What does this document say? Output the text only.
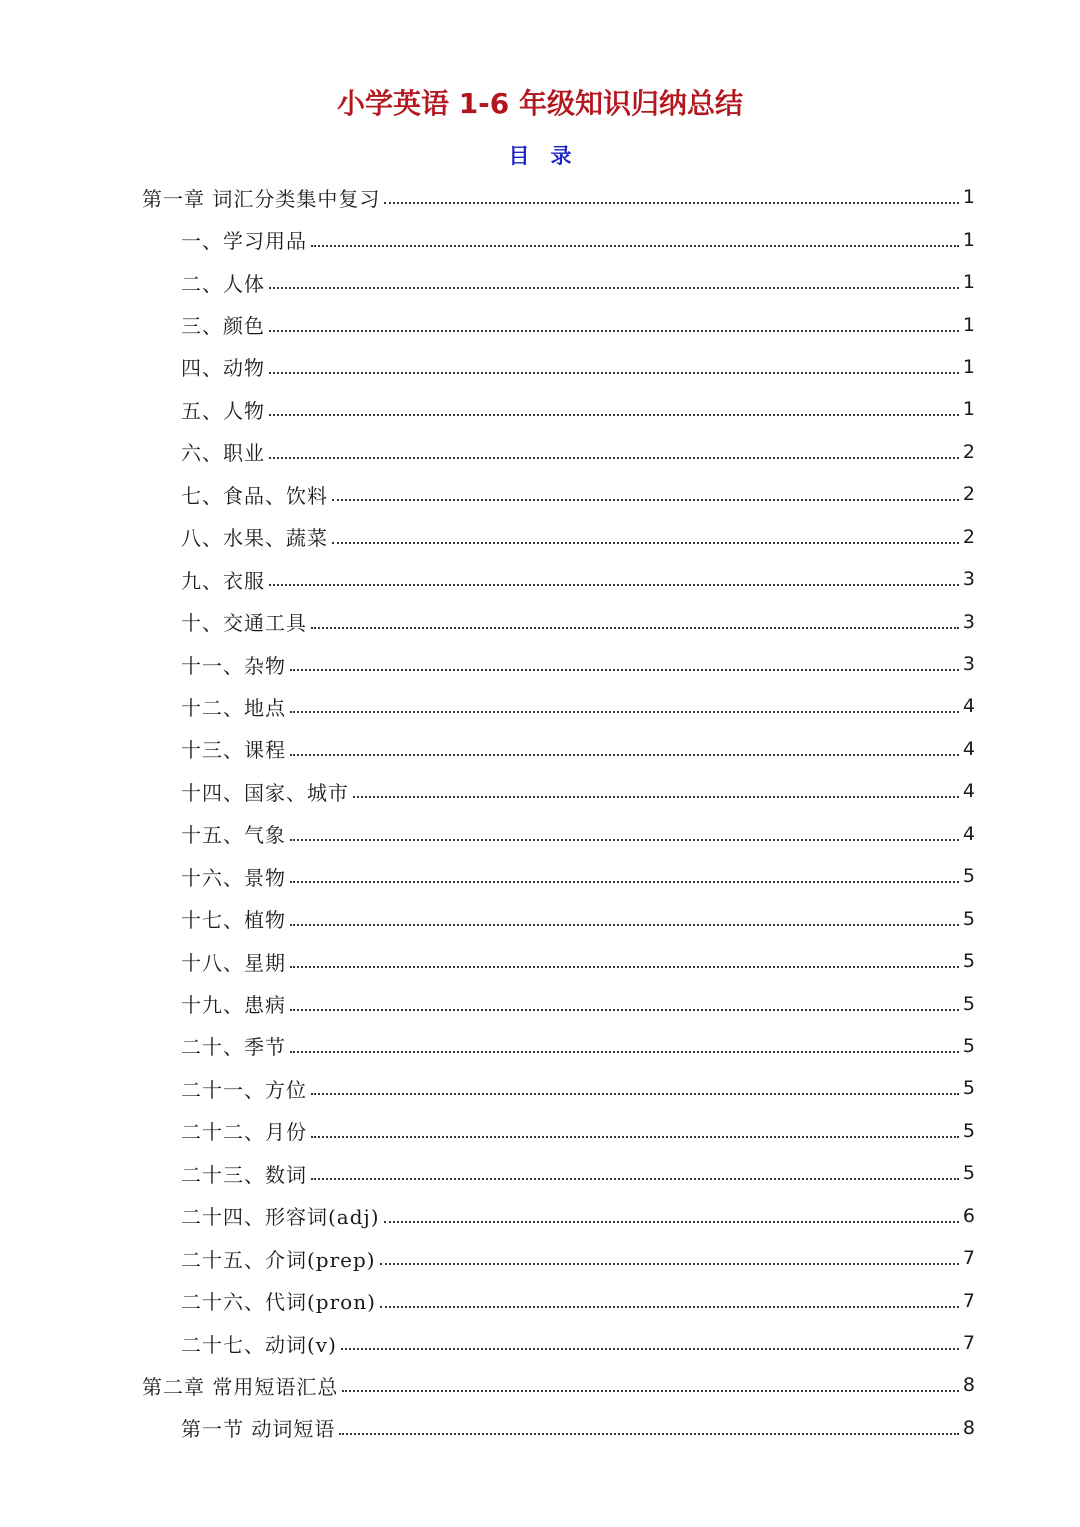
小学英语 1-6 年级知识归纳总结
目　录
第一章 词汇分类集中复习	1
一、学习用品	1
二、人体	1
三、颜色	1
四、动物	1
五、人物	1
六、职业	2
七、食品、饮料	2
八、水果、蔬菜	2
九、衣服	3
十、交通工具	3
十一、杂物	3
十二、地点	4
十三、课程	4
十四、国家、城市	4
十五、气象	4
十六、景物	5
十七、植物	5
十八、星期	5
十九、患病	5
二十、季节	5
二十一、方位	5
二十二、月份	5
二十三、数词	5
二十四、形容词(adj)	6
二十五、介词(prep)	7
二十六、代词(pron)	7
二十七、动词(v)	7
第二章 常用短语汇总	8
第一节 动词短语	8
